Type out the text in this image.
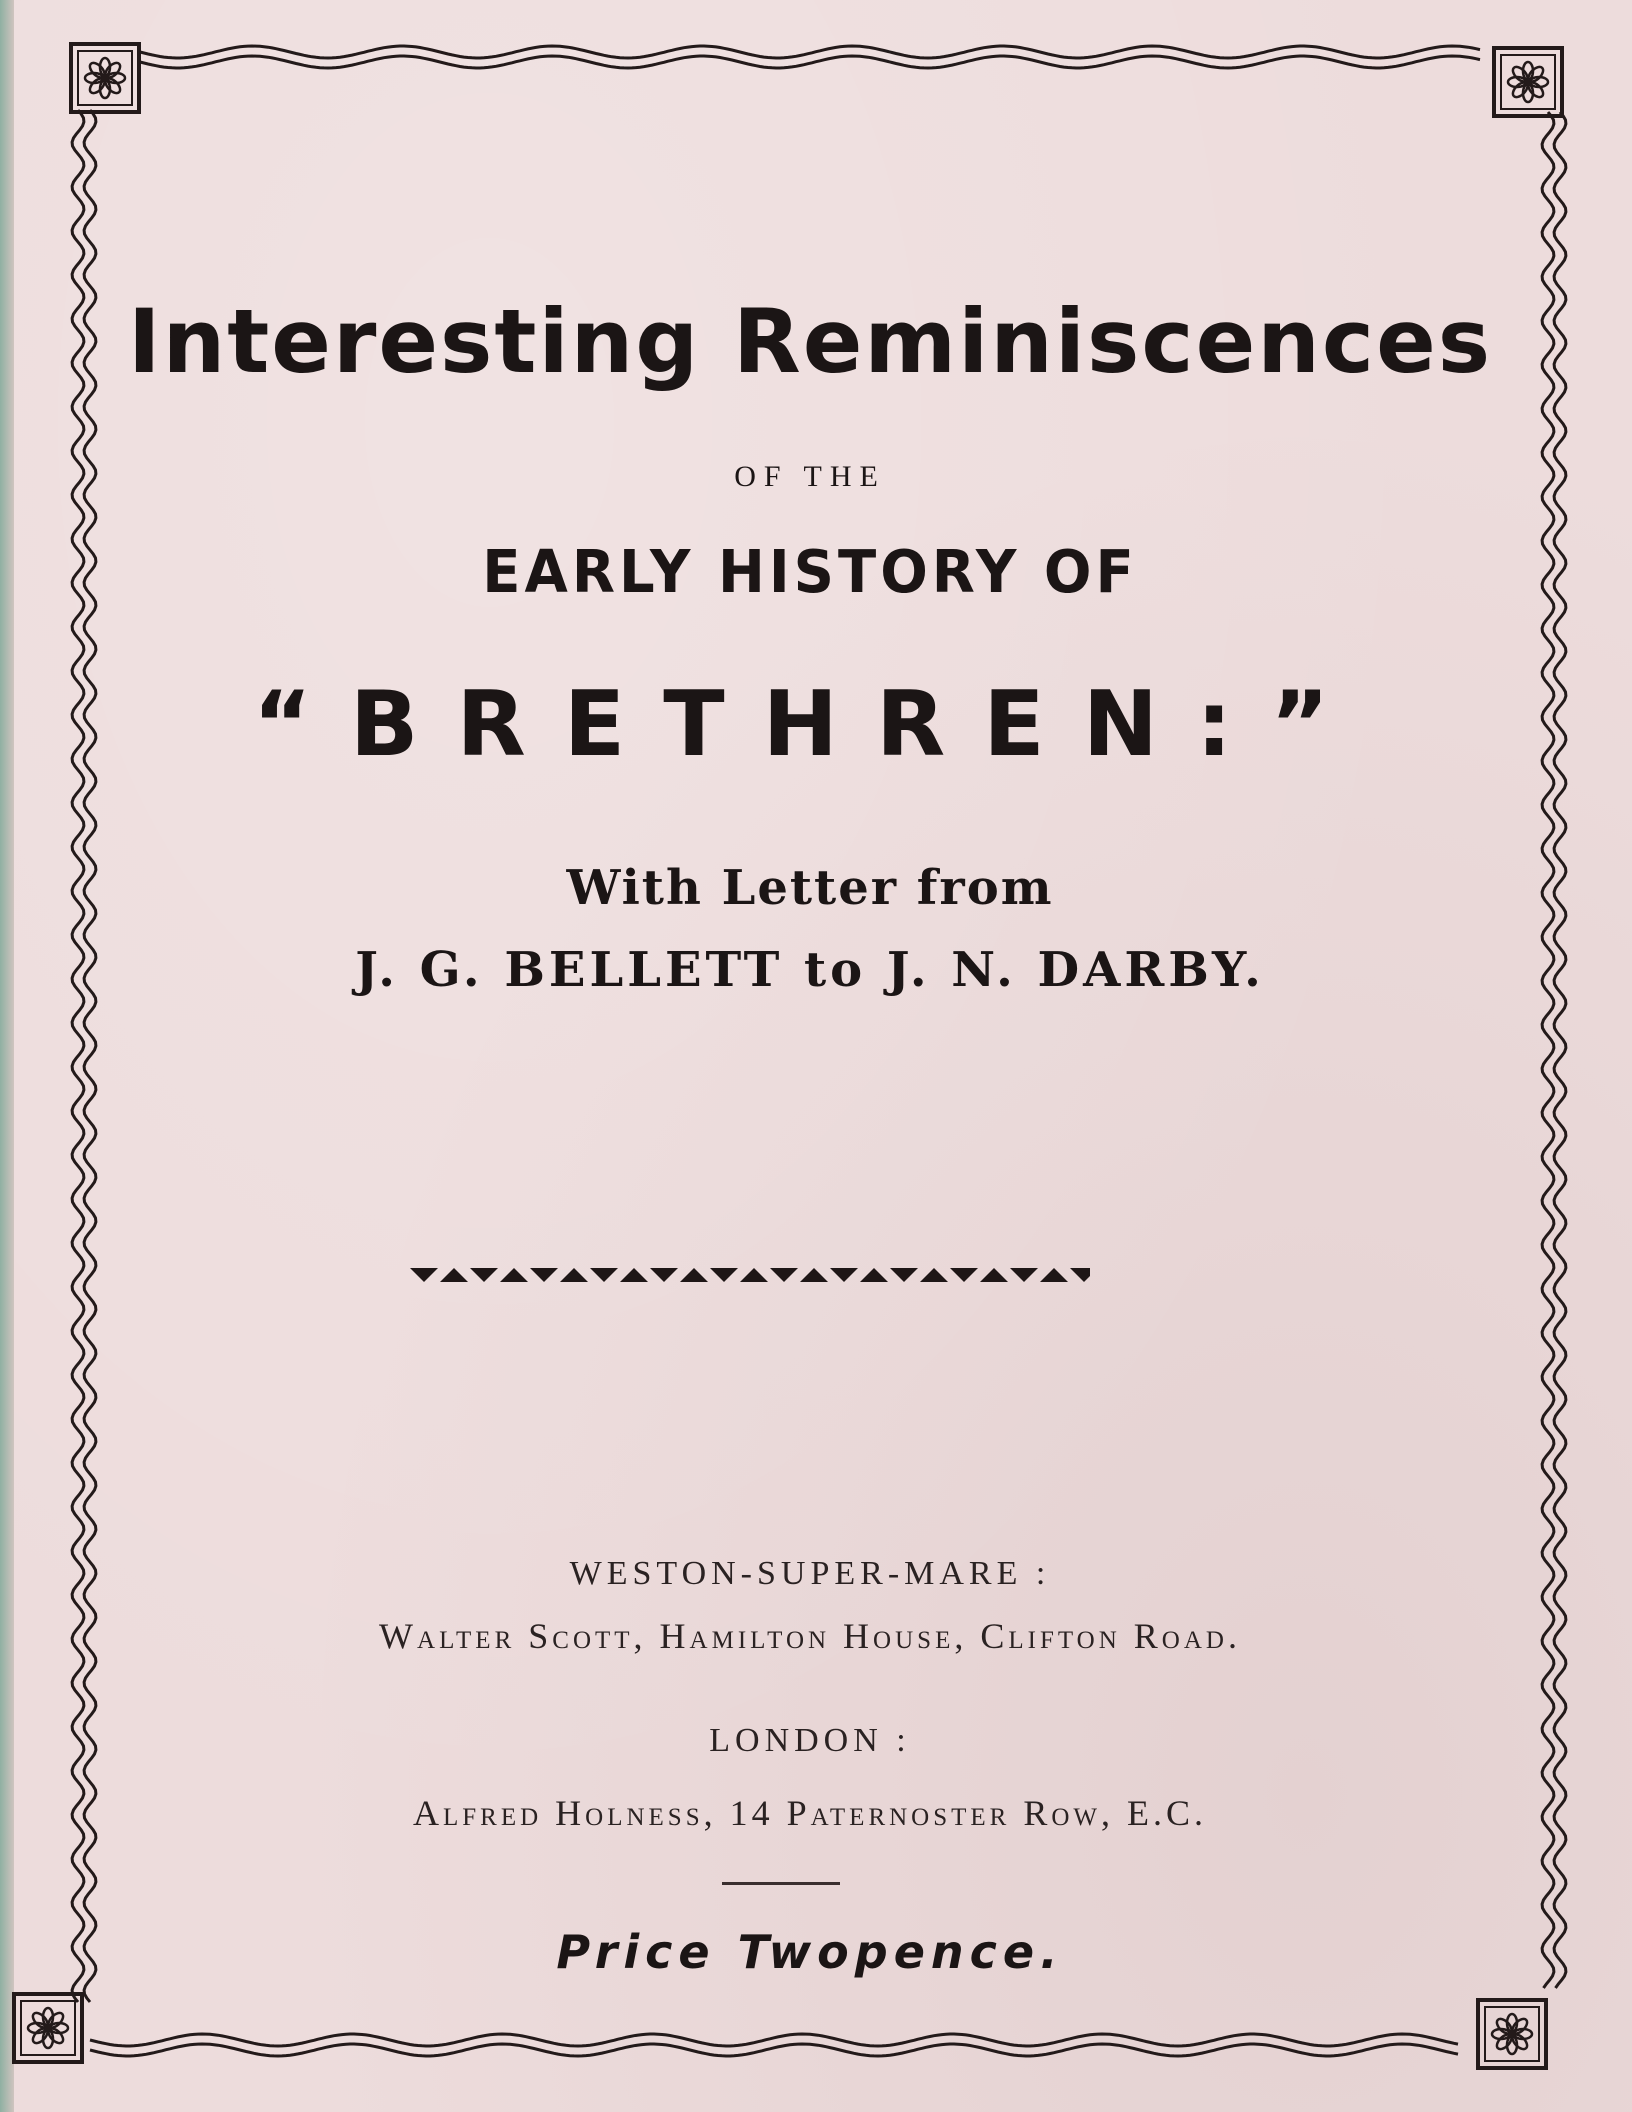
Interesting Reminiscences
OF THE
EARLY HISTORY OF
“BRETHREN:”
With Letter from
J. G. BELLETT to J. N. DARBY.
WESTON-SUPER-MARE :
Walter Scott, Hamilton House, Clifton Road.
LONDON :
Alfred Holness, 14 Paternoster Row, E.C.
Price Twopence.
